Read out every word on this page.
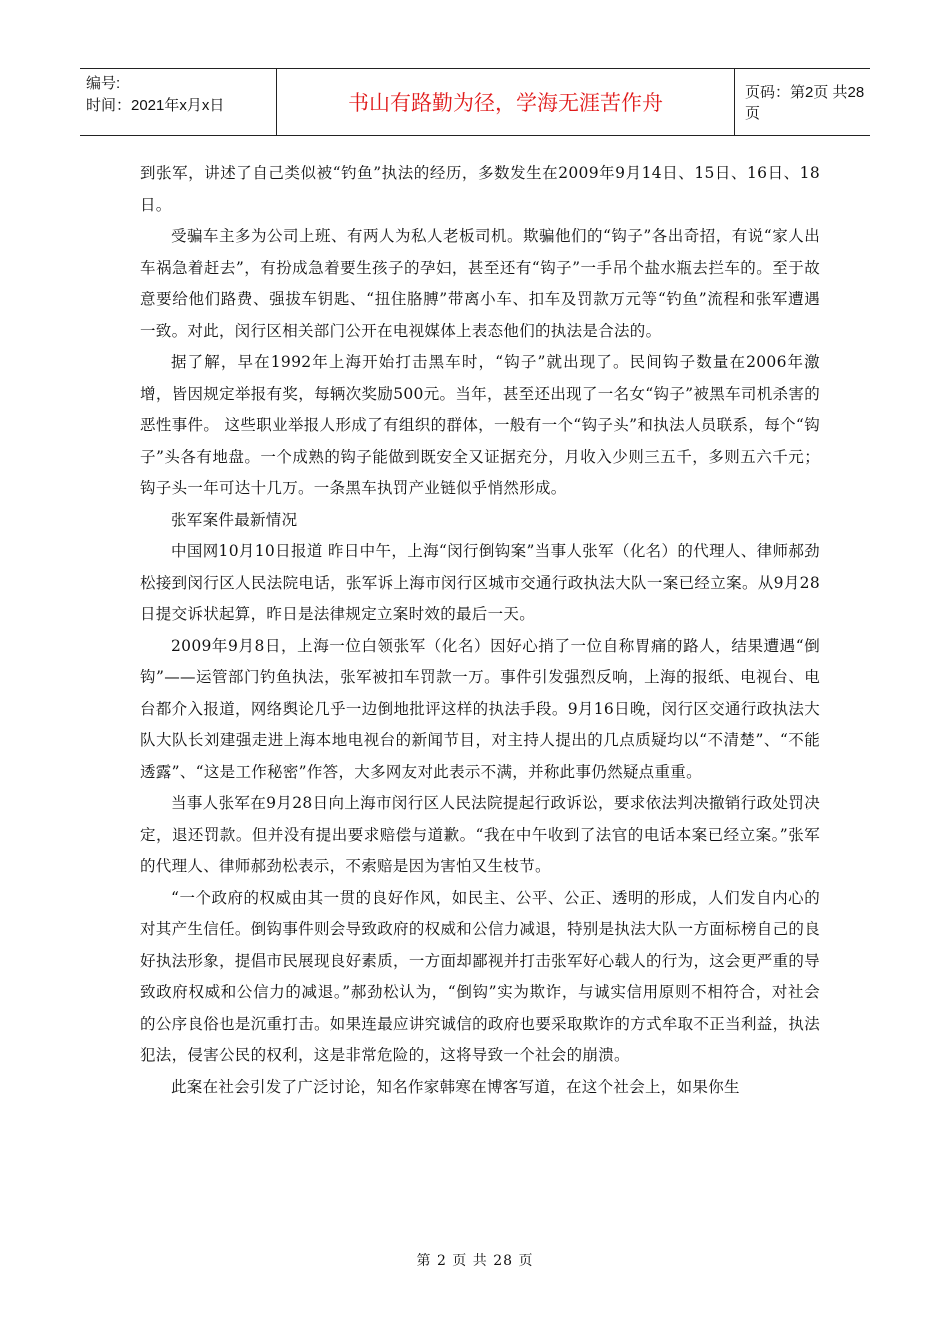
编号:
时间：2021年x月x日	书山有路勤为径，学海无涯苦作舟	页码：第2页 共28页

到张军，讲述了自己类似被“钓鱼”执法的经历，多数发生在2009年9月14日、15日、16日、18日。

受骗车主多为公司上班、有两人为私人老板司机。欺骗他们的“钩子”各出奇招，有说“家人出车祸急着赶去”，有扮成急着要生孩子的孕妇，甚至还有“钩子”一手吊个盐水瓶去拦车的。至于故意要给他们路费、强拔车钥匙、“扭住胳膊”带离小车、扣车及罚款万元等“钓鱼”流程和张军遭遇一致。对此，闵行区相关部门公开在电视媒体上表态他们的执法是合法的。

据了解，早在1992年上海开始打击黑车时，“钩子”就出现了。民间钩子数量在2006年激增，皆因规定举报有奖，每辆次奖励500元。当年，甚至还出现了一名女“钩子”被黑车司机杀害的恶性事件。 这些职业举报人形成了有组织的群体，一般有一个“钩子头”和执法人员联系，每个“钩子”头各有地盘。一个成熟的钩子能做到既安全又证据充分，月收入少则三五千，多则五六千元；钩子头一年可达十几万。一条黑车执罚产业链似乎悄然形成。

张军案件最新情况

中国网10月10日报道 昨日中午，上海“闵行倒钩案”当事人张军（化名）的代理人、律师郝劲松接到闵行区人民法院电话，张军诉上海市闵行区城市交通行政执法大队一案已经立案。从9月28日提交诉状起算，昨日是法律规定立案时效的最后一天。

2009年9月8日，上海一位白领张军（化名）因好心捎了一位自称胃痛的路人，结果遭遇“倒钩”——运管部门钓鱼执法，张军被扣车罚款一万。事件引发强烈反响，上海的报纸、电视台、电台都介入报道，网络舆论几乎一边倒地批评这样的执法手段。9月16日晚，闵行区交通行政执法大队大队长刘建强走进上海本地电视台的新闻节目，对主持人提出的几点质疑均以“不清楚”、“不能透露”、“这是工作秘密”作答，大多网友对此表示不满，并称此事仍然疑点重重。

当事人张军在9月28日向上海市闵行区人民法院提起行政诉讼，要求依法判决撤销行政处罚决定，退还罚款。但并没有提出要求赔偿与道歉。“我在中午收到了法官的电话本案已经立案。”张军的代理人、律师郝劲松表示，不索赔是因为害怕又生枝节。

“一个政府的权威由其一贯的良好作风，如民主、公平、公正、透明的形成，人们发自内心的对其产生信任。倒钩事件则会导致政府的权威和公信力减退，特别是执法大队一方面标榜自己的良好执法形象，提倡市民展现良好素质，一方面却鄙视并打击张军好心载人的行为，这会更严重的导致政府权威和公信力的减退。”郝劲松认为，“倒钩”实为欺诈，与诚实信用原则不相符合，对社会的公序良俗也是沉重打击。如果连最应讲究诚信的政府也要采取欺诈的方式牟取不正当利益，执法犯法，侵害公民的权利，这是非常危险的，这将导致一个社会的崩溃。

此案在社会引发了广泛讨论，知名作家韩寒在博客写道，在这个社会上，如果你生

第 2 页 共 28 页
